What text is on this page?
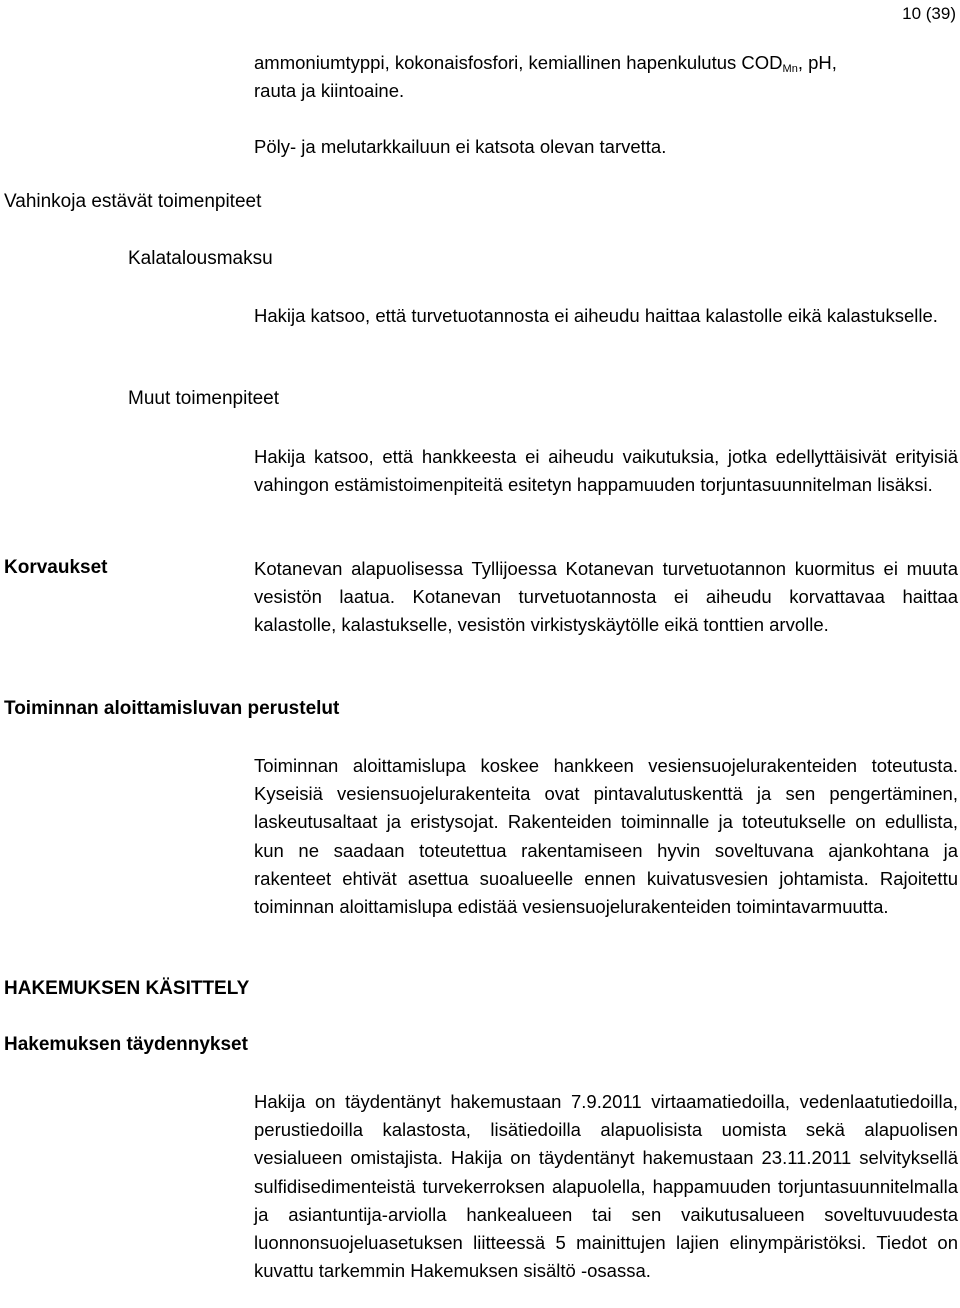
10 (39)
ammoniumtyppi, kokonaisfosfori, kemiallinen hapenkulutus $COD_{Mn}$, pH,
rauta ja kiintoaine.
Pöly- ja melutarkkailuun ei katsota olevan tarvetta.
Vahinkoja estävät toimenpiteet
Kalatalousmaksu
Hakija katsoo, että turvetuotannosta ei aiheudu haittaa kalastolle eikä kalastukselle.
Muut toimenpiteet
Hakija katsoo, että hankkeesta ei aiheudu vaikutuksia, jotka edellyttäisivät erityisiä vahingon estämistoimenpiteitä esitetyn happamuuden torjuntasuunnitelman lisäksi.
Korvaukset	Kotanevan alapuolisessa Tyllijoessa Kotanevan turvetuotannon kuormitus ei muuta vesistön laatua. Kotanevan turvetuotannosta ei aiheudu korvattavaa haittaa kalastolle, kalastukselle, vesistön virkistyskäytölle eikä tonttien arvolle.
Toiminnan aloittamisluvan perustelut
Toiminnan aloittamislupa koskee hankkeen vesiensuojelurakenteiden toteutusta. Kyseisiä vesiensuojelurakenteita ovat pintavalutuskenttä ja sen pengertäminen, laskeutusaltaat ja eristysojat. Rakenteiden toiminnalle ja toteutukselle on edullista, kun ne saadaan toteutettua rakentamiseen hyvin soveltuvana ajankohtana ja rakenteet ehtivät asettua suoalueelle ennen kuivatusvesien johtamista. Rajoitettu toiminnan aloittamislupa edistää vesiensuojelurakenteiden toimintavarmuutta.
HAKEMUKSEN KÄSITTELY
Hakemuksen täydennykset
Hakija on täydentänyt hakemustaan 7.9.2011 virtaamatiedoilla, vedenlaatutiedoilla, perustiedoilla kalastosta, lisätiedoilla alapuolisista uomista sekä alapuolisen vesialueen omistajista. Hakija on täydentänyt hakemustaan 23.11.2011 selvityksellä sulfidisedimenteistä turvekerroksen alapuolella, happamuuden torjuntasuunnitelmalla ja asiantuntija-arviolla hankealueen tai sen vaikutusalueen soveltuvuudesta luonnonsuojeluasetuksen liitteessä 5 mainittujen lajien elinympäristöksi. Tiedot on kuvattu tarkemmin Hakemuksen sisältö -osassa.
